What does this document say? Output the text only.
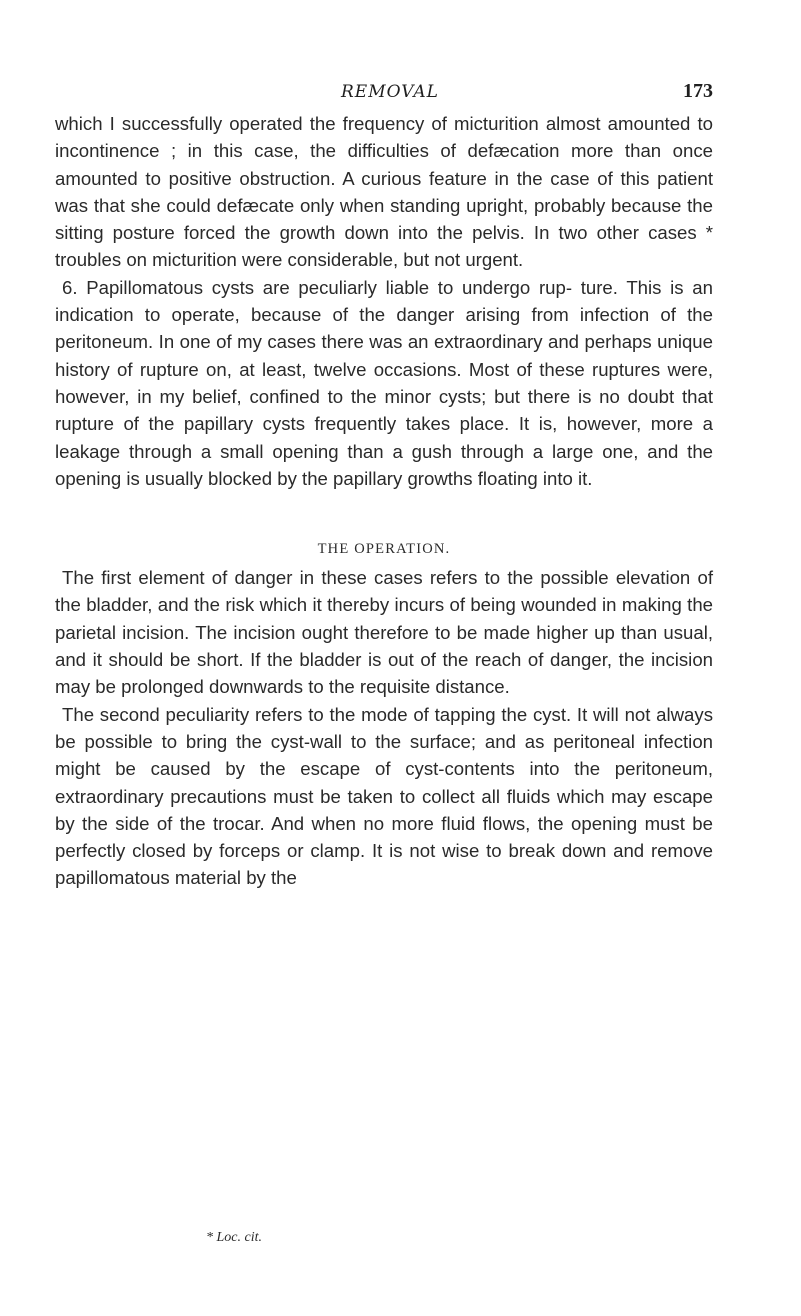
REMOVAL	173

which I successfully operated the frequency of micturition almost amounted to incontinence ; in this case, the difficulties of defæcation more than once amounted to positive obstruction. A curious feature in the case of this patient was that she could defæcate only when standing upright, probably because the sitting posture forced the growth down into the pelvis. In two other cases * troubles on micturition were considerable, but not urgent.

6. Papillomatous cysts are peculiarly liable to undergo rup- ture. This is an indication to operate, because of the danger arising from infection of the peritoneum. In one of my cases there was an extraordinary and perhaps unique history of rupture on, at least, twelve occasions. Most of these ruptures were, however, in my belief, confined to the minor cysts; but there is no doubt that rupture of the papillary cysts frequently takes place. It is, however, more a leakage through a small opening than a gush through a large one, and the opening is usually blocked by the papillary growths floating into it.

THE OPERATION.

The first element of danger in these cases refers to the possible elevation of the bladder, and the risk which it thereby incurs of being wounded in making the parietal incision. The incision ought therefore to be made higher up than usual, and it should be short. If the bladder is out of the reach of danger, the incision may be prolonged downwards to the requisite distance.

The second peculiarity refers to the mode of tapping the cyst. It will not always be possible to bring the cyst-wall to the surface; and as peritoneal infection might be caused by the escape of cyst-contents into the peritoneum, extraordinary precautions must be taken to collect all fluids which may escape by the side of the trocar. And when no more fluid flows, the opening must be perfectly closed by forceps or clamp. It is not wise to break down and remove papillomatous material by the

* Loc. cit.
